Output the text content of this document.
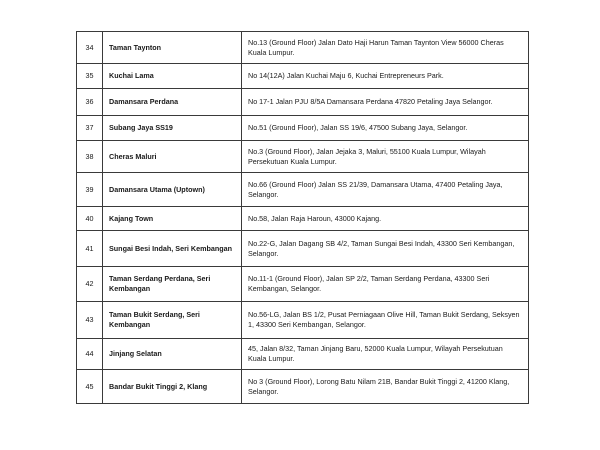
34	Taman Taynton	No.13 (Ground Floor) Jalan Dato Haji Harun Taman Taynton View 56000 Cheras Kuala Lumpur.
35	Kuchai Lama	No 14(12A) Jalan Kuchai Maju 6, Kuchai Entrepreneurs Park.
36	Damansara Perdana	No 17-1 Jalan PJU 8/5A Damansara Perdana 47820 Petaling Jaya Selangor.
37	Subang Jaya SS19	No.51 (Ground Floor), Jalan SS 19/6, 47500 Subang Jaya, Selangor.
38	Cheras Maluri	No.3 (Ground Floor), Jalan Jejaka 3, Maluri, 55100 Kuala Lumpur, Wilayah Persekutuan Kuala Lumpur.
39	Damansara Utama (Uptown)	No.66 (Ground Floor) Jalan SS 21/39, Damansara Utama, 47400 Petaling Jaya, Selangor.
40	Kajang Town	No.58, Jalan Raja Haroun, 43000 Kajang.
41	Sungai Besi Indah, Seri Kembangan	No.22-G, Jalan Dagang SB 4/2, Taman Sungai Besi Indah, 43300 Seri Kembangan, Selangor.
42	Taman Serdang Perdana, Seri Kembangan	No.11-1 (Ground Floor), Jalan SP 2/2, Taman Serdang Perdana, 43300 Seri Kembangan, Selangor.
43	Taman Bukit Serdang, Seri Kembangan	No.56-LG, Jalan BS 1/2, Pusat Perniagaan Olive Hill, Taman Bukit Serdang, Seksyen 1, 43300 Seri Kembangan, Selangor.
44	Jinjang Selatan	45, Jalan 8/32, Taman Jinjang Baru, 52000 Kuala Lumpur, Wilayah Persekutuan Kuala Lumpur.
45	Bandar Bukit Tinggi 2, Klang	No 3 (Ground Floor), Lorong Batu Nilam 21B, Bandar Bukit Tinggi 2, 41200 Klang, Selangor.
